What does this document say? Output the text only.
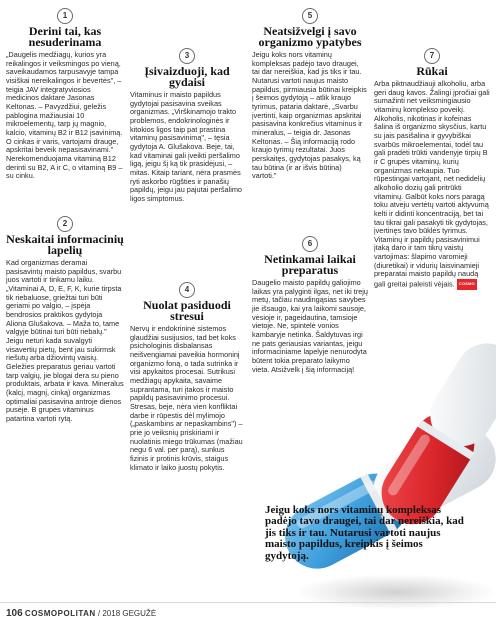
1
Derini tai, kas nesuderinama

„Daugelis medžiagų, kurios yra reikalingos ir veiksmingos po vieną, saveikaudamos tarpusavyje tampa visiškai nereikalingos ir bevertės", – teigia JAV integratyviosios medicinos daktarė Jasonas Keltonas. – Pavyzdžiui, geležis pablogina mažiausiai 10 mikroelementų, tarp jų magnio, kalcio, vitaminų B2 ir B12 įsavinimą. O cinkas ir varis, vartojami drauge, apskritai beveik nepasisavinami." Nerekomenduojama vitaminą B12 derinti su B2, A ir C, o vitaminą B9 – su cinku.

2
Neskaitai informacinių lapelių

Kad organizmas deramai pasisavintų maisto papildus, svarbu juos vartoti ir tinkamu laiku. „Vitaminai A, D, E, F, K, kurie tirpsta tik riebaluose, griežtai turi būti geriami po valgio, – įspėja bendrosios praktikos gydytoja Aliona Glušakova. – Maža to, tame valgyje būtinai turi būti riebalų." Jeigu neturi kada suvalgyti visavertių pietų, bent jau sukirmsk riešutų arba džiovintų vaisių. Geležies preparatus geriau vartoti tarp valgių, jie blogai dera su pieno produktais, arbata ir kava. Mineralus (kalcį, magnį, cinką) organizmas optimaliai pasisavina antroje dienos pusėje. B grupės vitaminus patartina vartoti rytą.

3
Įsivaizduoji, kad gydaisi

Vitaminus ir maisto papildus gydytojai pasisavina sveikas organizmas. „Virškinamojo trakto problemos, endokrinologinės ir kitokios ligos taip pat prastina vitaminų pasisavinimą", – tęsia gydytoja A. Glušakova. Beje, tai, kad vitaminai gali įveikti peršalimo ligą, jeigu šį ką tik prasidėjusi, – mitas. Kitaip tariant, nėra prasmės ryti askorbo rūgšties ir panašių papildų, jeigu jau pajutai peršalimo ligos simptomus.

4
Nuolat pasiduodi stresui

Nervų ir endokrininė sistemos glaudžiai susijusios, tad bet koks psichologinis disbalansas neišvengiamai paveikia hormoninį organizmo foną, o tada sutrinka ir visi apykaitos procesai. Sutrikusi medžiagų apykaita, savaime suprantama, turi įtakos ir maisto papildų pasisavinimo procesui. Stresas, beje, nėra vien konfliktai darbe ir rūpestis dėl mylimojo („paskambins ar nepaskambins") – prie jo veiksnių priskiriami ir nuolatinis miego trūkumas (mažiau negu 6 val. per parą), sunkus fizinis ir protinis krūvis, staigus klimato ir laiko juostų pokytis.

5
Neatsižvelgi į savo organizmo ypatybes

Jeigu koks nors vitaminų kompleksas padėjo tavo draugei, tai dar nereiškia, kad jis tiks ir tau. Nutarusi vartoti naujus maisto papildus, pirmiausia būtinai kreipkis į šeimos gydytoją – atlik kraujo tyrimus, pataria daktarė, „Svarbu įvertinti, kaip organizmas apskritai pasisavina konkrečius vitaminus ir mineralus, – teigia dr. Jasonas Keltonas. – Šią informaciją rodo kraujo tyrimų rezultatai. Juos perskaitęs, gydytojas pasakys, ką tau būtina (ir ar išvis būtina) vartoti."

6
Netinkamai laikai preparatus

Daugelio maisto papildų galiojimo laikas yra palyginti ilgas, net iki trejų metų, tačiau naudingąsias savybes jie išsaugo, kai yra laikomi sausoje, vėsioje ir, pageidautina, tamsioje vietoje. Ne, spintelė vonios kambaryje netinka. Šaldytuvas irgi ne pats geriausias variantas, jeigu informaciniame lapelyje nenurodyta būtent tokia preparato laikymo vieta. Atsižvelk į šią informaciją!

7
Rūkai

Arba piktnaudžiauji alkoholiu, arba geri daug kavos. Žalingi įpročiai gali sumažinti net veiksmingiausio vitaminų komplekso poveikį. Alkoholis, nikotinas ir kofeinas šalina iš organizmo skysčius, kartu su jais pasišalina ir gyvybiškai svarbūs mikroelementai, todėl tau gali pradėti trūkti vandenyje tirpių B ir C grupės vitaminų, kurių organizmas nekaupia. Tuo rūpestingai vartojant, net nedidelių alkoholio dozių gali pritrūkti vitaminų. Galbūt koks nors paragą toku atveju vertėtų vartoti aktyvumą kelti ir didinti koncentraciją, bet tai tau tikrai gali pasakyti tik gydytojas, įvertinęs tavo būklės tyrimus. Vitaminų ir papildų pasisavinimui įtaką daro ir tam tikrų vaistų vartojimas: šlapimo varomieji (diuretikai) ir vidurių laisvinamieji preparatai maisto papildų naudą gali greitai paleisti vėjais. COSMO

Jeigu koks nors vitaminų kompleksas padėjo tavo draugei, tai dar nereiškia, kad jis tiks ir tau. Nutarusi vartoti naujus maisto papildus, kreipkis į šeimos gydytoją.

106 COSMOPOLITAN / 2018 GEGUŽĖ
